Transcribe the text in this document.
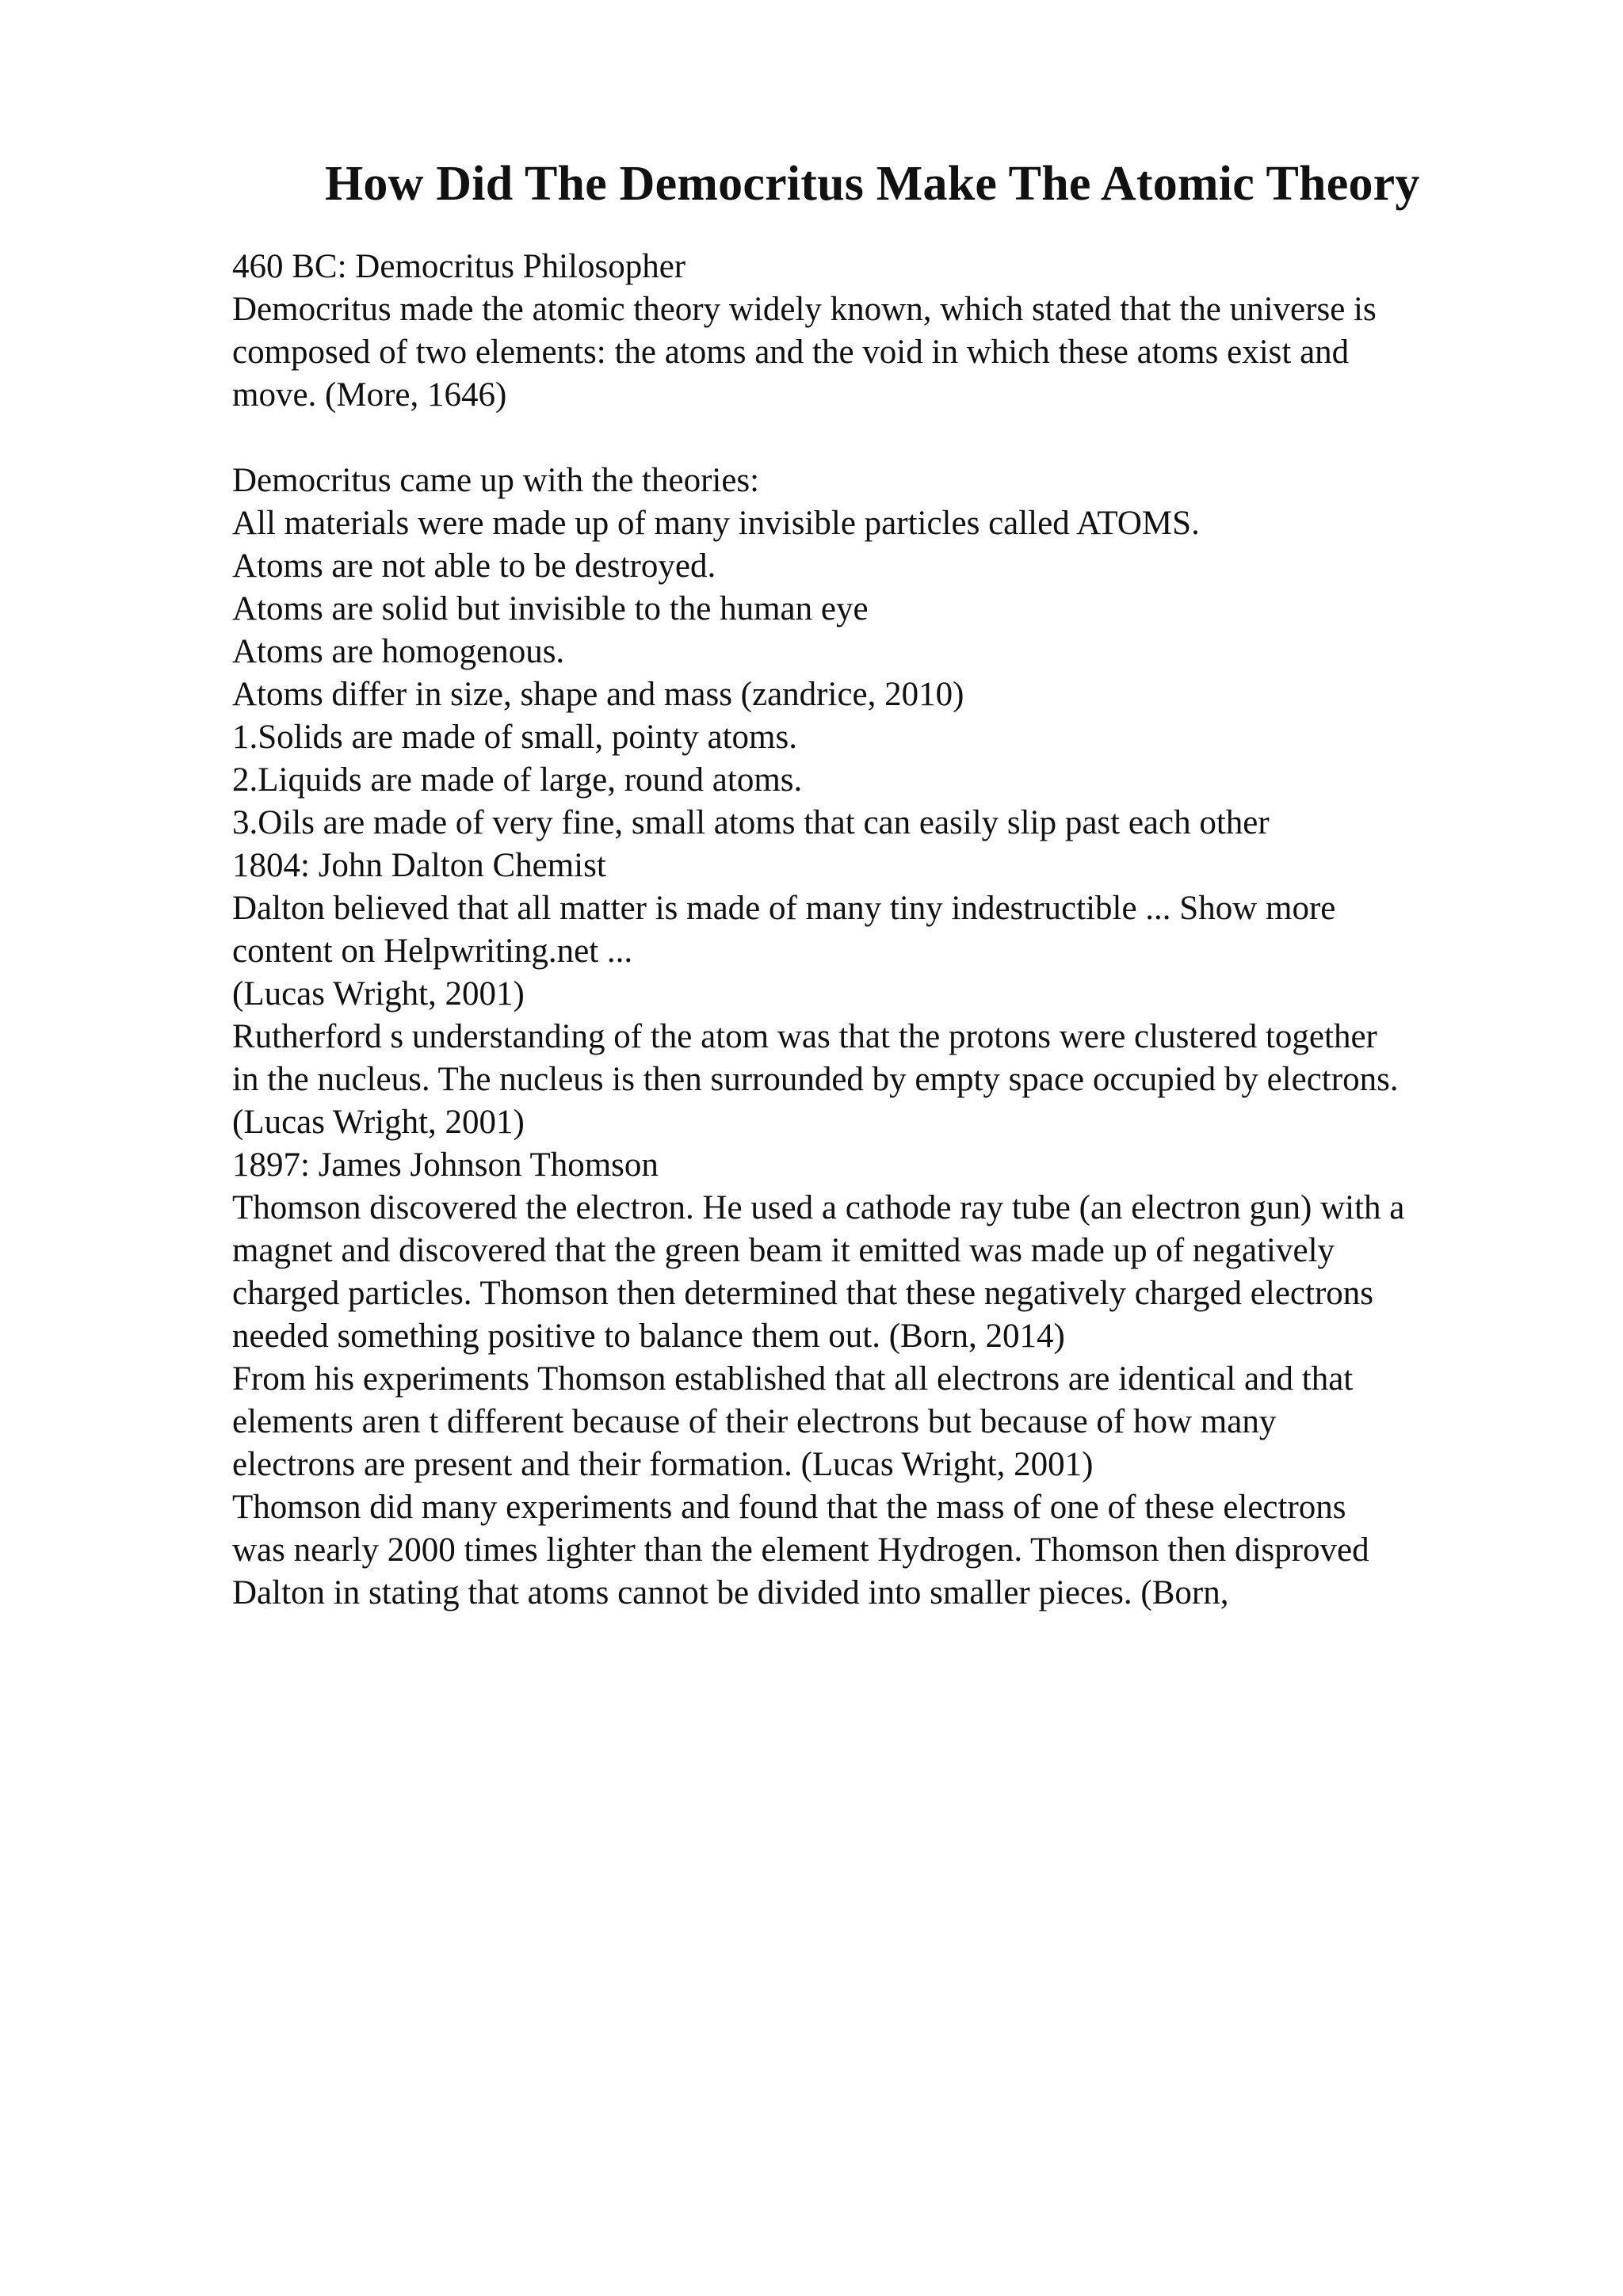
How Did The Democritus Make The Atomic Theory
460 BC: Democritus Philosopher
Democritus made the atomic theory widely known, which stated that the universe is
composed of two elements: the atoms and the void in which these atoms exist and
move. (More, 1646)
Democritus came up with the theories:
All materials were made up of many invisible particles called ATOMS.
Atoms are not able to be destroyed.
Atoms are solid but invisible to the human eye
Atoms are homogenous.
Atoms differ in size, shape and mass (zandrice, 2010)
1.Solids are made of small, pointy atoms.
2.Liquids are made of large, round atoms.
3.Oils are made of very fine, small atoms that can easily slip past each other
1804: John Dalton Chemist
Dalton believed that all matter is made of many tiny indestructible ... Show more
content on Helpwriting.net ...
(Lucas Wright, 2001)
Rutherford s understanding of the atom was that the protons were clustered together
in the nucleus. The nucleus is then surrounded by empty space occupied by electrons.
(Lucas Wright, 2001)
1897: James Johnson Thomson
Thomson discovered the electron. He used a cathode ray tube (an electron gun) with a
magnet and discovered that the green beam it emitted was made up of negatively
charged particles. Thomson then determined that these negatively charged electrons
needed something positive to balance them out. (Born, 2014)
From his experiments Thomson established that all electrons are identical and that
elements aren t different because of their electrons but because of how many
electrons are present and their formation. (Lucas Wright, 2001)
Thomson did many experiments and found that the mass of one of these electrons
was nearly 2000 times lighter than the element Hydrogen. Thomson then disproved
Dalton in stating that atoms cannot be divided into smaller pieces. (Born,
